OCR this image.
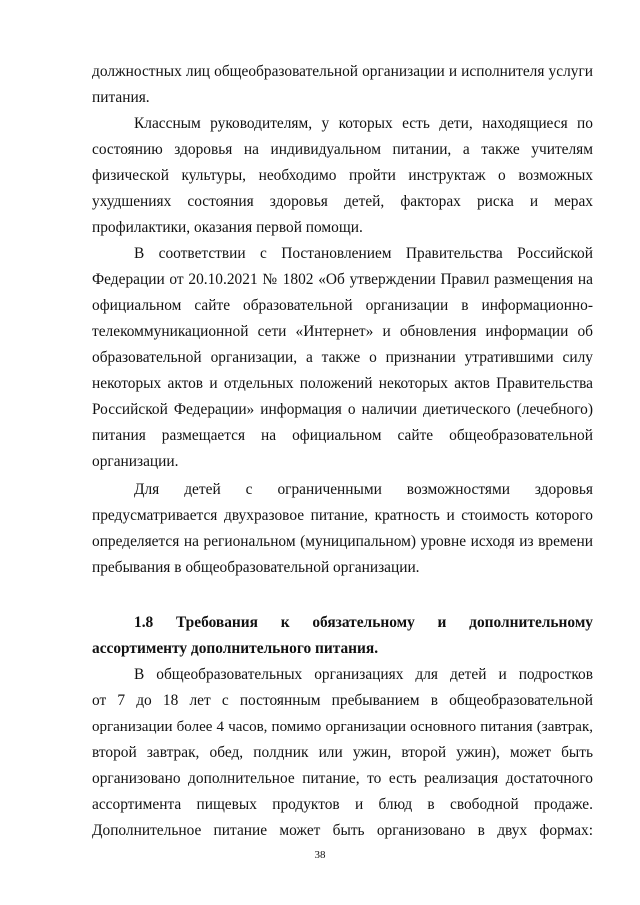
должностных лиц общеобразовательной организации и исполнителя услуги
питания.
Классным руководителям, у которых есть дети, находящиеся по
состоянию здоровья на индивидуальном питании, а также учителям
физической культуры, необходимо пройти инструктаж о возможных
ухудшениях состояния здоровья детей, факторах риска и мерах
профилактики, оказания первой помощи.
В соответствии с Постановлением Правительства Российской
Федерации от 20.10.2021 № 1802 «Об утверждении Правил размещения на
официальном сайте образовательной организации в информационно-
телекоммуникационной сети «Интернет» и обновления информации об
образовательной организации, а также о признании утратившими силу
некоторых актов и отдельных положений некоторых актов Правительства
Российской Федерации» информация о наличии диетического (лечебного)
питания размещается на официальном сайте общеобразовательной
организации.
Для детей с ограниченными возможностями здоровья
предусматривается двухразовое питание, кратность и стоимость которого
определяется на региональном (муниципальном) уровне исходя из времени
пребывания в общеобразовательной организации.
1.8 Требования к обязательному и дополнительному
ассортименту дополнительного питания.
В общеобразовательных организациях для детей и подростков
от 7 до 18 лет с постоянным пребыванием в общеобразовательной
организации более 4 часов, помимо организации основного питания (завтрак,
второй завтрак, обед, полдник или ужин, второй ужин), может быть
организовано дополнительное питание, то есть реализация достаточного
ассортимента пищевых продуктов и блюд в свободной продаже.
Дополнительное питание может быть организовано в двух формах:
38
